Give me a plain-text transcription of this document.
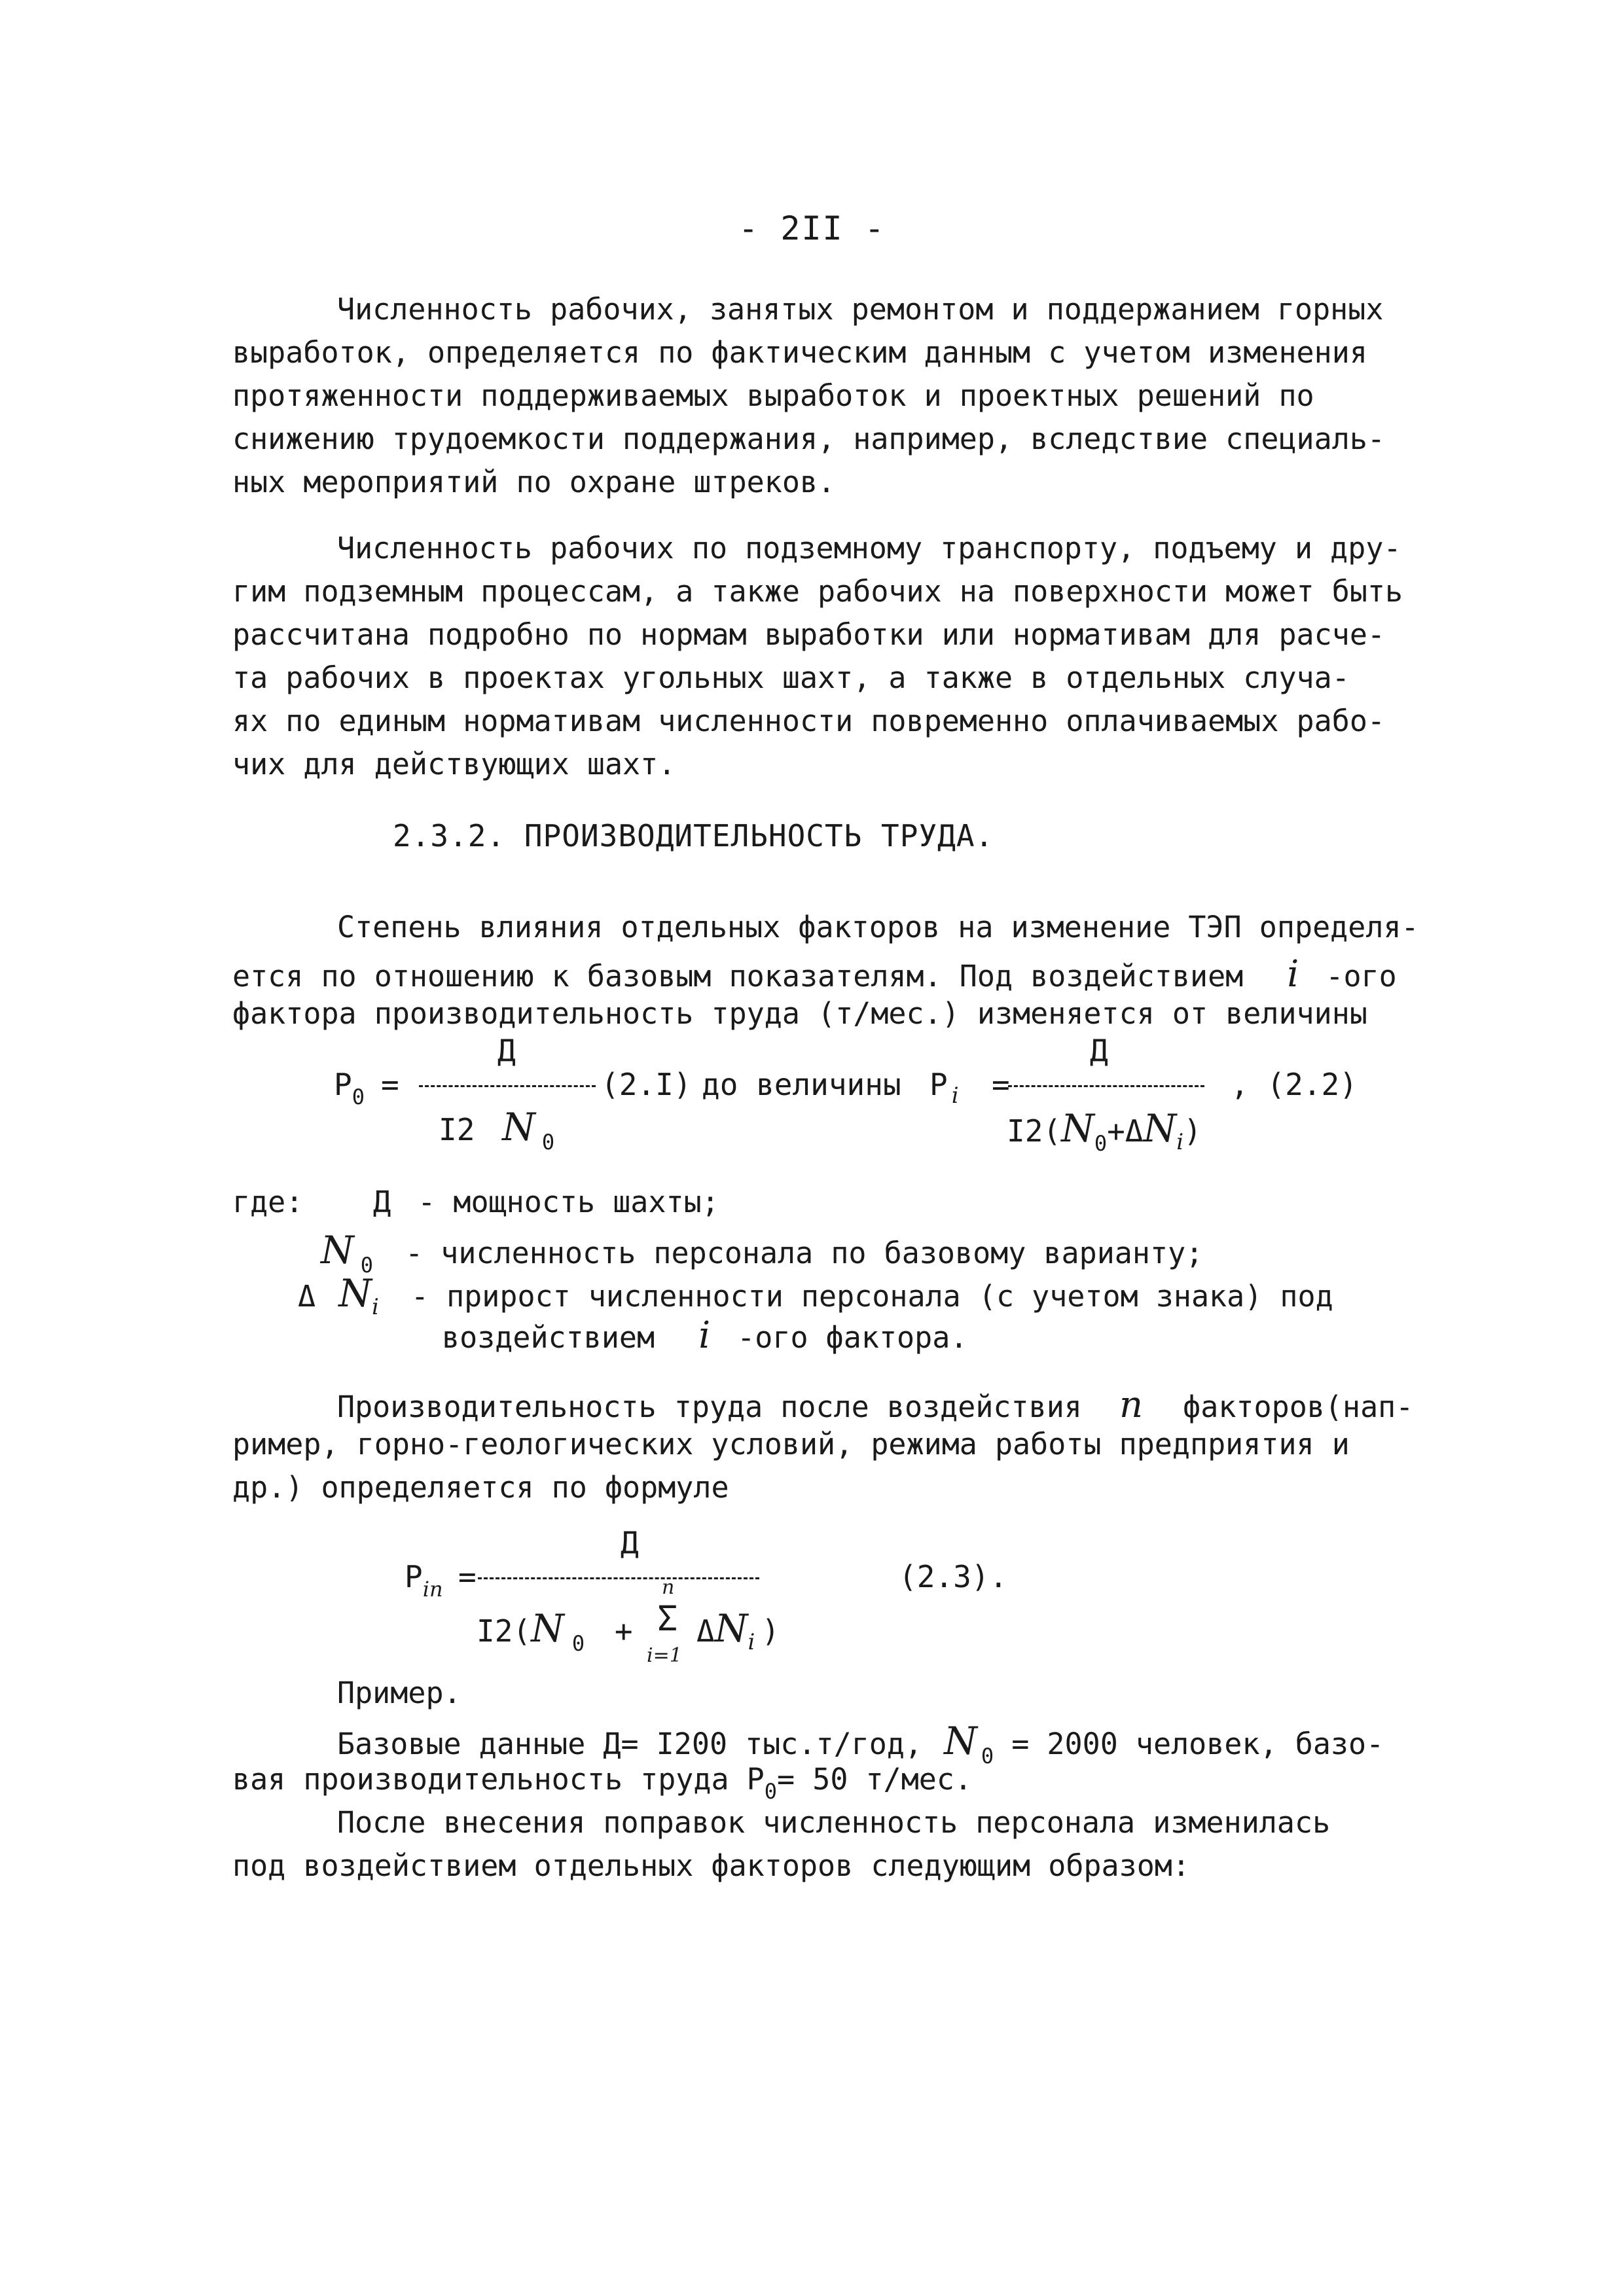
- 2II -

Численность рабочих, занятых ремонтом и поддержанием горных
выработок, определяется по фактическим данным с учетом изменения
протяженности поддерживаемых выработок и проектных решений по
снижению трудоемкости поддержания, например, вследствие специаль-
ных мероприятий по охране штреков.

Численность рабочих по подземному транспорту, подъему и дру-
гим подземным процессам, а также рабочих на поверхности может быть
рассчитана подробно по нормам выработки или нормативам для расче-
та рабочих в проектах угольных шахт, а также в отдельных случа-
ях по единым нормативам численности повременно оплачиваемых рабо-
чих для действующих шахт.

2.3.2. ПРОИЗВОДИТЕЛЬНОСТЬ ТРУДА.
Степень влияния отдельных факторов на изменение ТЭП определя-
ется по отношению к базовым показателям. Под воздействием i -ого
фактора производительность труда (т/мес.) изменяется от величины
$P_0$ =
Д
I2 N $_0$
(2.I) до величины P $_i$ =
Д
$I2(N_0+\Delta N_i)$
, (2.2)
где: Д - мощность шахты;
N $_0$ - численность персонала по базовому варианту;
Δ $N_i$ - прирост численности персонала (с учетом знака) под
воздействием i -ого фактора.
Производительность труда после воздействия n факторов(нап-
ример, горно-геологических условий, режима работы предприятия и
др.) определяется по формуле
$P_{in}$ =
Д
I2(N $_0$ +
n
Σ
i=1
$\Delta N_i$ )
(2.3).
Пример.
Базовые данные Д= I200 тыс.т/год, N $_0$ = 2000 человек, базо-
вая производительность труда $P_0= 50$ т/мес.
После внесения поправок численность персонала изменилась
под воздействием отдельных факторов следующим образом:
